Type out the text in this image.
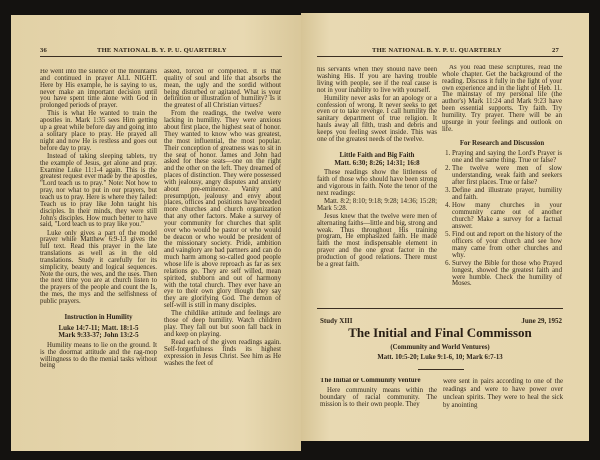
36	THE NATIONAL B. Y. P. U. QUARTERLY	THE NATIONAL B. Y. P. U. QUARTERLY	27

He went into the silence of the mountains and continued in prayer ALL NIGHT. Here by His example, he is saying to us, never make an important decision until you have spent time alone with God in prolonged periods of prayer.

This is what He wanted to train the apostles in. Mark 1:35 sees Him getting up a great while before day and going into a solitary place to pray. He prayed all night and now He is restless and goes out before day to pray.

Instead of taking sleeping tablets, try the example of Jesus, get alone and pray. Examine Luke 11:1-4 again. This is the greatest request ever made by the apostles, "Lord teach us to pray." Note: Not how to pray, nor what to put in our prayers, but teach us to pray. Here is where they failed: Teach us to pray like John taught his disciples. In their minds, they were still John's disciples. How much better to have said, "Lord teach us to pray like you."

Luke only gives a part of the model prayer while Matthew 6:9-13 gives the full text. Read this prayer in the late translations as well as in the old translations. Study it carefully for its simplicity, beauty and logical sequences. Note the ours, the wes, and the uses. Then the next time you are at church listen to the prayers of the people and count the Is, the mes, the mys and the selfishness of public prayers.

Instruction in Humility

Luke 14:7-11; Matt. 18:1-5

Mark 9:33-37; John 13:2-5

Humility means to lie on the ground. It is the doormat attitude and the rag-mop willingness to do the menial tasks without being

asked, forced or compelled. It is that quality of soul and life that absorbs the mean, the ugly and the sordid without being disturbed or agitated. What is your definition or illustration of humility? Is it the greatest of all Christian virtues?

From the readings, the twelve were lacking in humility. They were anxious about first place, the highest seat of honor. They wanted to know who was greatest, the most influential, the most popular. Their conception of greatness was to sit in the seat of honor. James and John had asked for these seats—one on the right and the other on the left. They dreamed of places of distinction. They were possessed with jealousy, angry disputes and anxiety about pre-eminence. Vanity and presumption, jealousy and envy about places, offices and positions have breeded more churches and church organization that any other factors. Make a survey of your community for churches that split over who would be pastor or who would be deacon or who would be president of the missionary society. Pride, ambition and vainglory are bad partners and can do much harm among so-called good people whose life is above reproach as far as sex relations go. They are self willed, mean spirited, stubborn and out of harmony with the total church. They ever have an eye to their own glory though they say they are glorifying God. The demon of self-will is still in many disciples.

The childlike attitude and feelings are those of deep humility. Watch children play. They fall out but soon fall back in and keep on playing.

Read each of the given readings again. Self-forgetfulness finds its highest expression in Jesus Christ. See him as He washes the feet of

his servants when they should have been washing His. If you are having trouble living with people, see if the real cause is not in your inability to live with yourself.

Humility never asks for an apology or a confession of wrong. It never seeks to get even or to take revenge. I call humility the sanitary department of true religion. It hauls away all filth, trash and debris and keeps you feeling sweet inside. This was one of the greatest needs of the twelve.

Little Faith and Big Faith

Matt. 6:30; 8:26; 14:31; 16:8

These readings show the littleness of faith of those who should have been strong and vigorous in faith. Note the tenor of the next readings:

Matt. 8:2; 8:10; 9:18; 9:28; 14:36; 15:28; Mark 5:28.

Jesus knew that the twelve were men of alternating faiths—little and big, strong and weak. Thus throughout His training program, He emphasized faith. He made faith the most indispensable element in prayer and the one great factor in the production of good relations. There must be a great faith.

As you read these scriptures, read the whole chapter. Get the background of the reading. Discuss it fully in the light of your own experience and in the light of Heb. 11. The mainstay of my personal life (the author's) Mark 11:24 and Mark 9:23 have been essential supports. Try faith. Try humility. Try prayer. There will be an upsurge in your feelings and outlook on life.

For Research and Discussion

1. Praying and saying the Lord's Prayer is one and the same thing. True or false?
2. The twelve were men of slow understanding, weak faith and seekers after first places. True or false?
3. Define and illustrate prayer, humility and faith.
4. How many churches in your community came out of another church? Make a survey for a factual answer.
5. Find out and report on the history of the officers of your church and see how many came from other churches and why.
6. Survey the Bible for those who Prayed longest, showed the greatest faith and were humble. Check the humility of Moses.
Study XIII	June 29, 1952
The Initial and Final Commisson
(Community and World Ventures)
Matt. 10:5-20; Luke 9:1-6, 10; Mark 6:7-13

The Initial or Community Venture

Here community means within the boundary of racial community. The mission is to their own people. They

were sent in pairs according to one of the readings and were to have power over unclean spirits. They were to heal the sick by anointing
